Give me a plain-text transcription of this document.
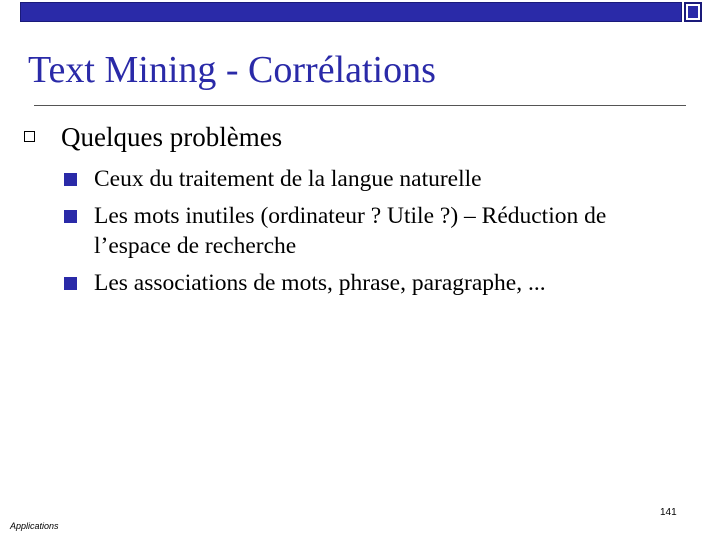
Text Mining - Corrélations
Quelques problèmes
Ceux du traitement de la langue naturelle
Les mots inutiles (ordinateur ? Utile ?) – Réduction de
l’espace de recherche
Les associations de mots, phrase, paragraphe, ...
141
Applications
